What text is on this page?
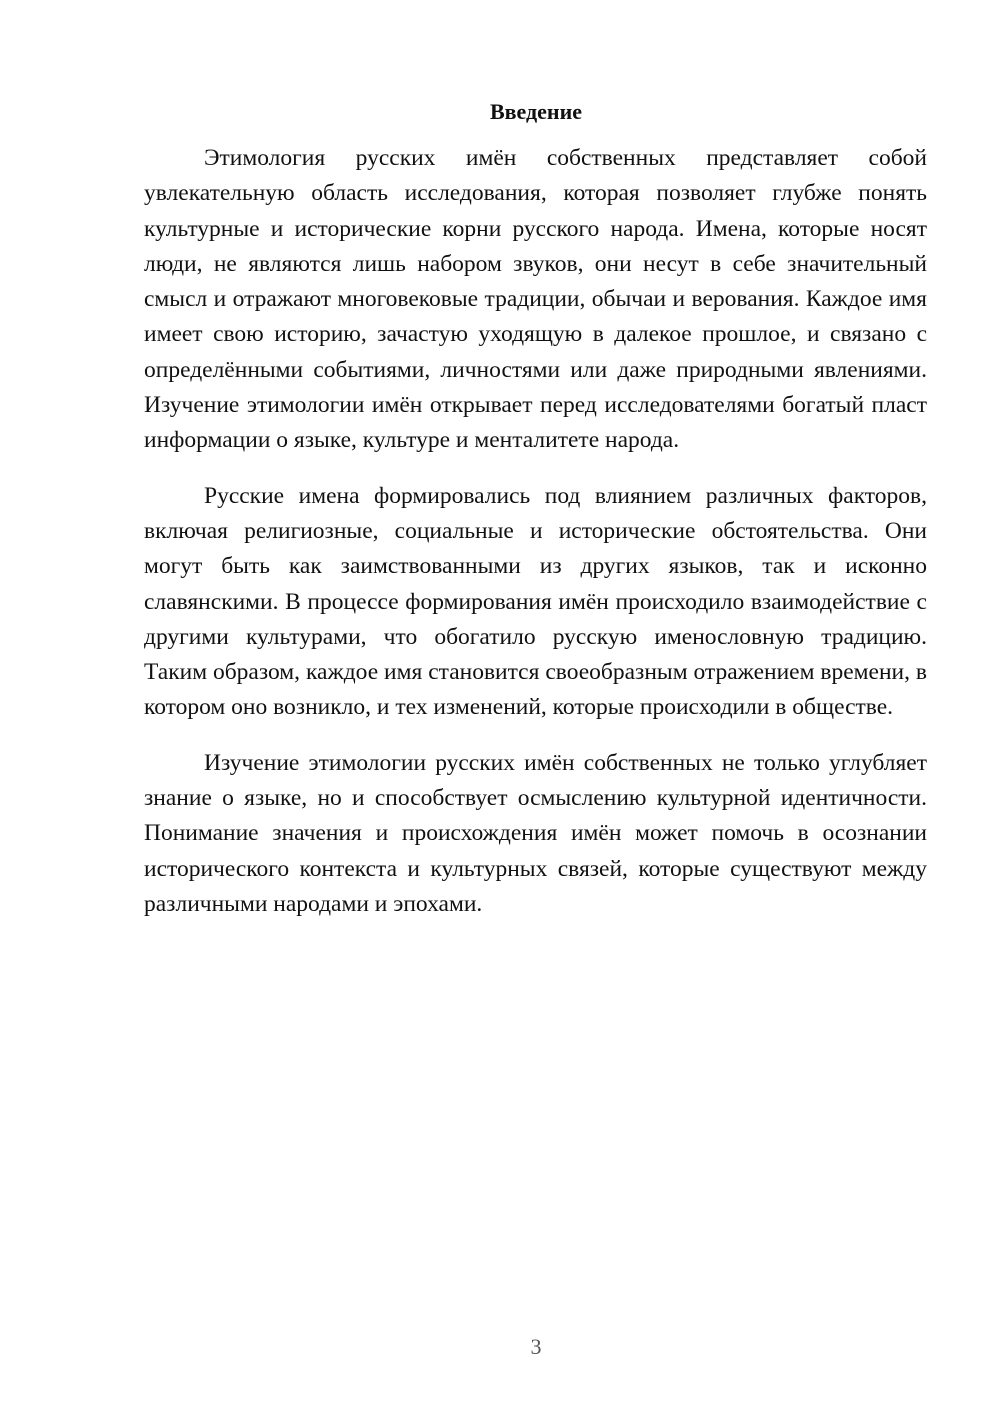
Введение

Этимология русских имён собственных представляет собой увлекательную область исследования, которая позволяет глубже понять культурные и исторические корни русского народа. Имена, которые носят люди, не являются лишь набором звуков, они несут в себе значительный смысл и отражают многовековые традиции, обычаи и верования. Каждое имя имеет свою историю, зачастую уходящую в далекое прошлое, и связано с определёнными событиями, личностями или даже природными явлениями. Изучение этимологии имён открывает перед исследователями богатый пласт информации о языке, культуре и менталитете народа.

Русские имена формировались под влиянием различных факторов, включая религиозные, социальные и исторические обстоятельства. Они могут быть как заимствованными из других языков, так и исконно славянскими. В процессе формирования имён происходило взаимодействие с другими культурами, что обогатило русскую именословную традицию. Таким образом, каждое имя становится своеобразным отражением времени, в котором оно возникло, и тех изменений, которые происходили в обществе.

Изучение этимологии русских имён собственных не только углубляет знание о языке, но и способствует осмыслению культурной идентичности. Понимание значения и происхождения имён может помочь в осознании исторического контекста и культурных связей, которые существуют между различными народами и эпохами.

3
